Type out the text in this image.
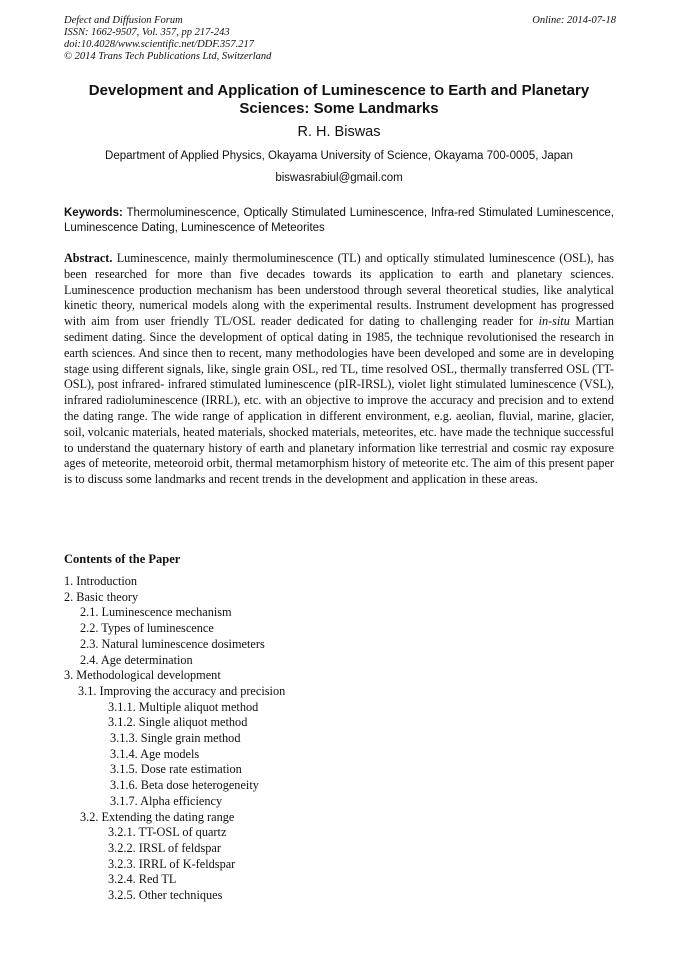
Defect and Diffusion Forum
ISSN: 1662-9507, Vol. 357, pp 217-243
doi:10.4028/www.scientific.net/DDF.357.217
© 2014 Trans Tech Publications Ltd, Switzerland
Online: 2014-07-18
Development and Application of Luminescence to Earth and Planetary Sciences: Some Landmarks
R. H. Biswas
Department of Applied Physics, Okayama University of Science, Okayama 700-0005, Japan
biswasrabiul@gmail.com
Keywords: Thermoluminescence, Optically Stimulated Luminescence, Infra-red Stimulated Luminescence, Luminescence Dating, Luminescence of Meteorites
Abstract. Luminescence, mainly thermoluminescence (TL) and optically stimulated luminescence (OSL), has been researched for more than five decades towards its application to earth and planetary sciences. Luminescence production mechanism has been understood through several theoretical studies, like analytical kinetic theory, numerical models along with the experimental results. Instrument development has progressed with aim from user friendly TL/OSL reader dedicated for dating to challenging reader for in-situ Martian sediment dating. Since the development of optical dating in 1985, the technique revolutionised the research in earth sciences. And since then to recent, many methodologies have been developed and some are in developing stage using different signals, like, single grain OSL, red TL, time resolved OSL, thermally transferred OSL (TT-OSL), post infrared- infrared stimulated luminescence (pIR-IRSL), violet light stimulated luminescence (VSL), infrared radioluminescence (IRRL), etc. with an objective to improve the accuracy and precision and to extend the dating range. The wide range of application in different environment, e.g. aeolian, fluvial, marine, glacier, soil, volcanic materials, heated materials, shocked materials, meteorites, etc. have made the technique successful to understand the quaternary history of earth and planetary information like terrestrial and cosmic ray exposure ages of meteorite, meteoroid orbit, thermal metamorphism history of meteorite etc. The aim of this present paper is to discuss some landmarks and recent trends in the development and application in these areas.
Contents of the Paper
1. Introduction
2. Basic theory
2.1. Luminescence mechanism
2.2. Types of luminescence
2.3. Natural luminescence dosimeters
2.4. Age determination
3. Methodological development
3.1. Improving the accuracy and precision
3.1.1. Multiple aliquot method
3.1.2. Single aliquot method
3.1.3. Single grain method
3.1.4. Age models
3.1.5. Dose rate estimation
3.1.6. Beta dose heterogeneity
3.1.7. Alpha efficiency
3.2. Extending the dating range
3.2.1. TT-OSL of quartz
3.2.2. IRSL of feldspar
3.2.3. IRRL of K-feldspar
3.2.4. Red TL
3.2.5. Other techniques
